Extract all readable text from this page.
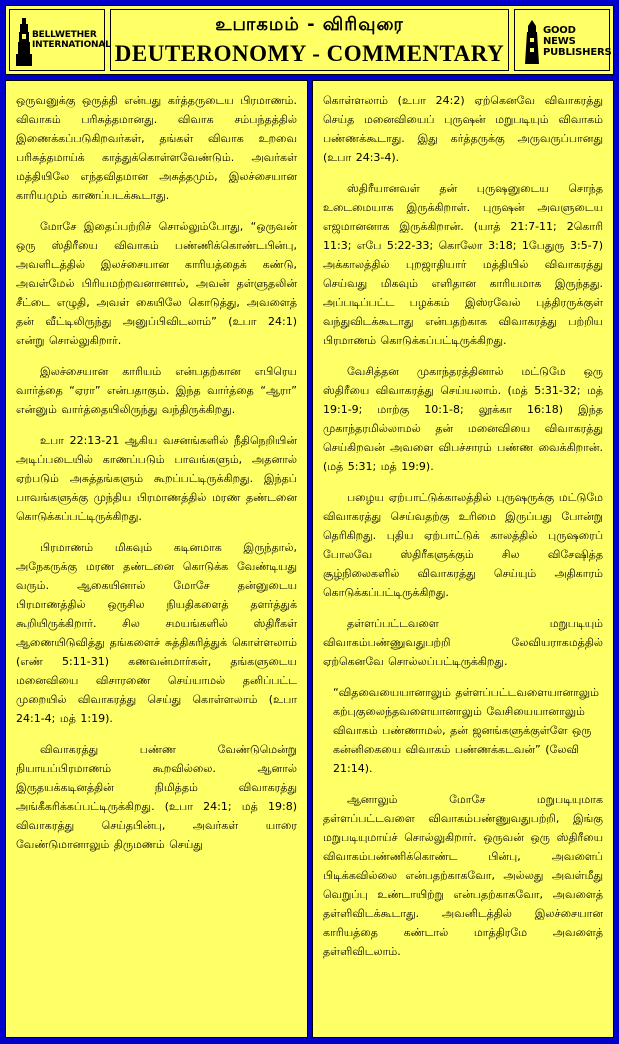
BELLWETHER
INTERNATIONAL
உபாகமம் - விரிவுரை
DEUTERONOMY - COMMENTARY
GOOD NEWS
PUBLISHERS

ஒருவனுக்கு ஒருத்தி என்பது கர்த்தருடைய பிரமாணம். விவாகம் பரிசுத்தமானது. விவாக சம்பந்தத்தில் இணைக்கப்படுகிறவர்கள், தங்கள் விவாக உறவை பரிசுத்தமாய்க் காத்துக்கொள்ளவேண்டும். அவர்கள் மத்தியிலே எந்தவிதமான அசுத்தமும், இலச்சையான காரியமும் காணப்படக்கூடாது.

மோசே இதைப்பற்றிச் சொல்லும்போது, “ஒருவன் ஒரு ஸ்திரீயை விவாகம் பண்ணிக்கொண்டபின்பு, அவளிடத்தில் இலச்சையான காரியத்தைக் கண்டு, அவள்மேல் பிரியமற்றவனானால், அவன் தள்ளுதலின் சீட்டை எழுதி, அவள் கையிலே கொடுத்து, அவளைத் தன் வீட்டிலிருந்து அனுப்பிவிடலாம்” (உபா 24:1) என்று சொல்லுகிறார்.

இலச்சையான காரியம் என்பதற்கான எபிரெய வார்த்தை “ஏரா” என்பதாகும். இந்த வார்த்தை “ஆரா” என்னும் வார்த்தையிலிருந்து வந்திருக்கிறது.

உபா 22:13-21 ஆகிய வசனங்களில் நீதிநெறியின் அடிப்படையில் காணப்படும் பாவங்களும், அதனால் ஏற்படும் அசுத்தங்களும் கூறப்பட்டிருக்கிறது. இந்தப் பாவங்களுக்கு முந்திய பிரமாணத்தில் மரண தண்டனை கொடுக்கப்பட்டிருக்கிறது.

பிரமாணம் மிகவும் கடினமாக இருந்தால், அநேகருக்கு மரண தண்டனை கொடுக்க வேண்டியது வரும். ஆகையினால் மோசே தன்னுடைய பிரமாணத்தில் ஒருசில நியதிகளைத் தளர்த்துக் கூறியிருக்கிறார். சில சமயங்களில் ஸ்திரீகள் ஆணையிடுவித்து தங்களைச் சுத்திகரித்துக் கொள்ளலாம் (எண் 5:11-31) கணவன்மார்கள், தங்களுடைய மனைவியை விசாரணை செய்யாமல் தனிப்பட்ட முறையில் விவாகரத்து செய்து கொள்ளலாம் (உபா 24:1-4; மத் 1:19).

விவாகரத்து பண்ண வேண்டுமென்று நியாயப்பிரமாணம் கூறவில்லை. ஆனால் இருதயக்கடினத்தின் நிமித்தம் விவாகரத்து அங்கீகரிக்கப்பட்டிருக்கிறது. (உபா 24:1; மத் 19:8) விவாகரத்து செய்தபின்பு, அவர்கள் யாரை வேண்டுமானாலும் திருமணம் செய்து

கொள்ளலாம் (உபா 24:2) ஏற்கெனவே விவாகரத்து செய்த மனைவியைப் புருஷன் மறுபடியும் விவாகம் பண்ணக்கூடாது. இது கர்த்தருக்கு அருவருப்பானது (உபா 24:3-4).

ஸ்திரீயானவள் தன் புருஷனுடைய சொந்த உடைமையாக இருக்கிறாள். புருஷன் அவளுடைய எஜமானனாக இருக்கிறான். (யாத் 21:7-11; 2கொரி 11:3; எபே 5:22-33; கொலோ 3:18; 1பேதுரு 3:5-7) அக்காலத்தில் புறஜாதியார் மத்தியில் விவாகரத்து செய்வது மிகவும் எளிதான காரியமாக இருந்தது. அப்படிப்பட்ட பழக்கம் இஸ்ரவேல் புத்திரருக்குள் வந்துவிடக்கூடாது என்பதற்காக விவாகரத்து பற்றிய பிரமாணம் கொடுக்கப்பட்டிருக்கிறது.

வேசித்தன முகாந்தரத்தினால் மட்டுமே ஒரு ஸ்திரீயை விவாகரத்து செய்யலாம். (மத் 5:31-32; மத் 19:1-9; மாற்கு 10:1-8; லூக்கா 16:18) இந்த முகாந்தரமில்லாமல் தன் மனைவியை விவாகரத்து செய்கிறவன் அவளை விபச்சாரம் பண்ண வைக்கிறான். (மத் 5:31; மத் 19:9).

பழைய ஏற்பாட்டுக்காலத்தில் புருஷருக்கு மட்டுமே விவாகரத்து செய்வதற்கு உரிமை இருப்பது போன்று தெரிகிறது. புதிய ஏற்பாட்டுக் காலத்தில் புருஷரைப் போலவே ஸ்திரீகளுக்கும் சில விசேஷித்த சூழ்நிலைகளில் விவாகரத்து செய்யும் அதிகாரம் கொடுக்கப்பட்டிருக்கிறது.

தள்ளப்பட்டவளை மறுபடியும் விவாகம்பண்ணுவதுபற்றி லேவியராகமத்தில் ஏற்கெனவே சொல்லப்பட்டிருக்கிறது.

“விதவையையானாலும் தள்ளப்பட்டவளையானாலும் கற்புகுலைந்தவளையானாலும் வேசியையானாலும் விவாகம் பண்ணாமல், தன் ஜனங்களுக்குள்ளே ஒரு கன்னிகையை விவாகம் பண்ணக்கடவன்” (லேவி 21:14).

ஆனாலும் மோசே மறுபடியுமாக தள்ளப்பட்டவளை விவாகம்பண்ணுவதுபற்றி, இங்கு மறுபடியுமாய்ச் சொல்லுகிறார். ஒருவன் ஒரு ஸ்திரீயை விவாகம்பண்ணிக்கொண்ட பின்பு, அவளைப் பிடிக்கவில்லை என்பதற்காகவோ, அல்லது அவள்மீது வெறுப்பு உண்டாயிற்று என்பதற்காகவோ, அவளைத் தள்ளிவிடக்கூடாது. அவனிடத்தில் இலச்சையான காரியத்தை கண்டால் மாத்திரமே அவளைத் தள்ளிவிடலாம்.
